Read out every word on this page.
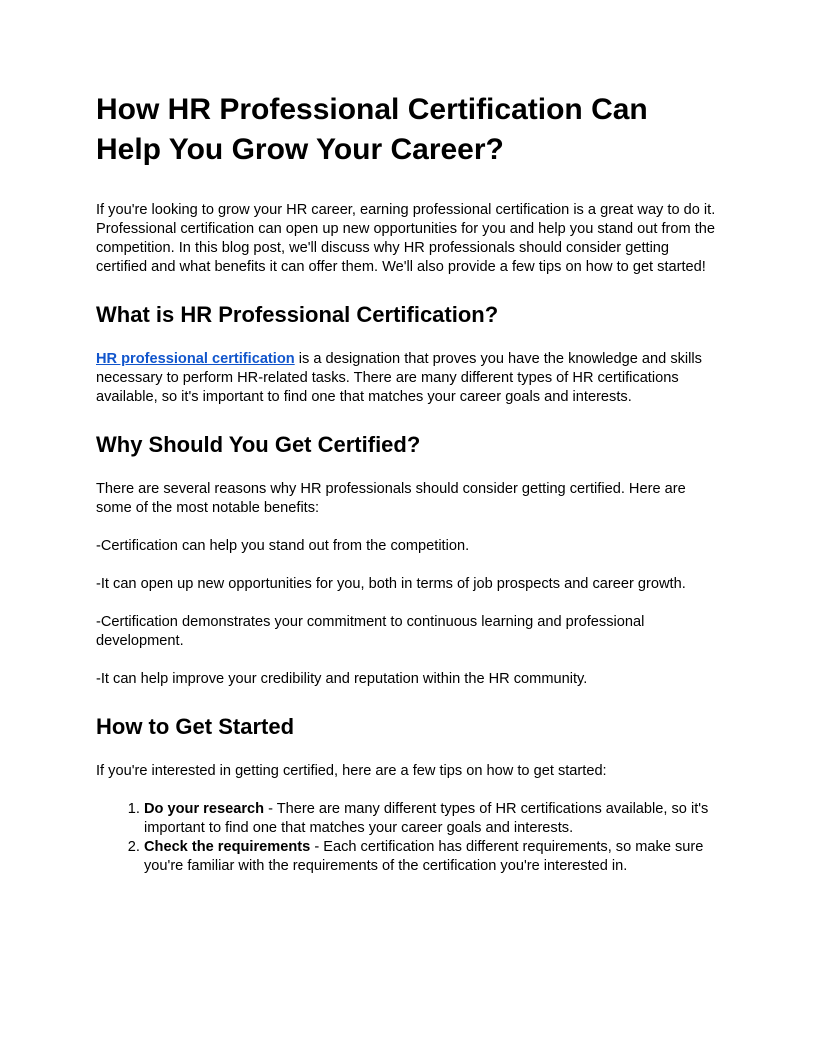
How HR Professional Certification Can Help You Grow Your Career?

If you're looking to grow your HR career, earning professional certification is a great way to do it. Professional certification can open up new opportunities for you and help you stand out from the competition. In this blog post, we'll discuss why HR professionals should consider getting certified and what benefits it can offer them. We'll also provide a few tips on how to get started!

What is HR Professional Certification?

HR professional certification is a designation that proves you have the knowledge and skills necessary to perform HR-related tasks. There are many different types of HR certifications available, so it's important to find one that matches your career goals and interests.

Why Should You Get Certified?

There are several reasons why HR professionals should consider getting certified. Here are some of the most notable benefits:

-Certification can help you stand out from the competition.

-It can open up new opportunities for you, both in terms of job prospects and career growth.

-Certification demonstrates your commitment to continuous learning and professional development.

-It can help improve your credibility and reputation within the HR community.

How to Get Started

If you're interested in getting certified, here are a few tips on how to get started:

1. Do your research - There are many different types of HR certifications available, so it's important to find one that matches your career goals and interests.
2. Check the requirements - Each certification has different requirements, so make sure you're familiar with the requirements of the certification you're interested in.
